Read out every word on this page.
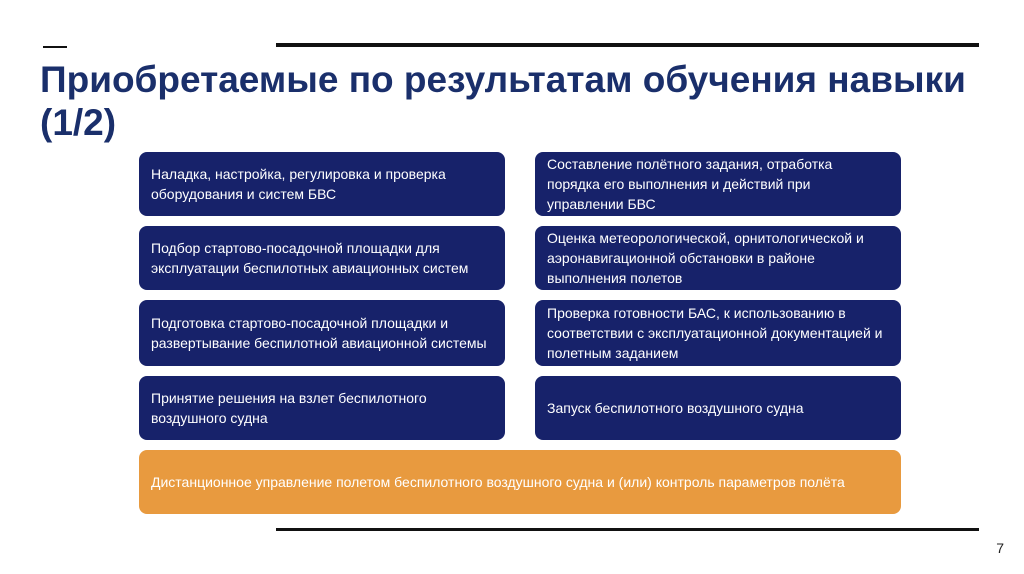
Приобретаемые по результатам обучения навыки
(1/2)
Наладка, настройка, регулировка и проверка оборудования и систем БВС
Подбор стартово-посадочной площадки для эксплуатации беспилотных авиационных систем
Подготовка стартово-посадочной площадки и развертывание беспилотной авиационной системы
Принятие решения на взлет беспилотного воздушного судна
Составление полётного задания, отработка порядка его выполнения и действий при управлении БВС
Оценка метеорологической, орнитологической и аэронавигационной обстановки в районе выполнения полетов
Проверка готовности БАС, к использованию в соответствии с эксплуатационной документацией и полетным заданием
Запуск беспилотного воздушного судна
Дистанционное управление полетом беспилотного воздушного судна и (или) контроль параметров полёта
7
